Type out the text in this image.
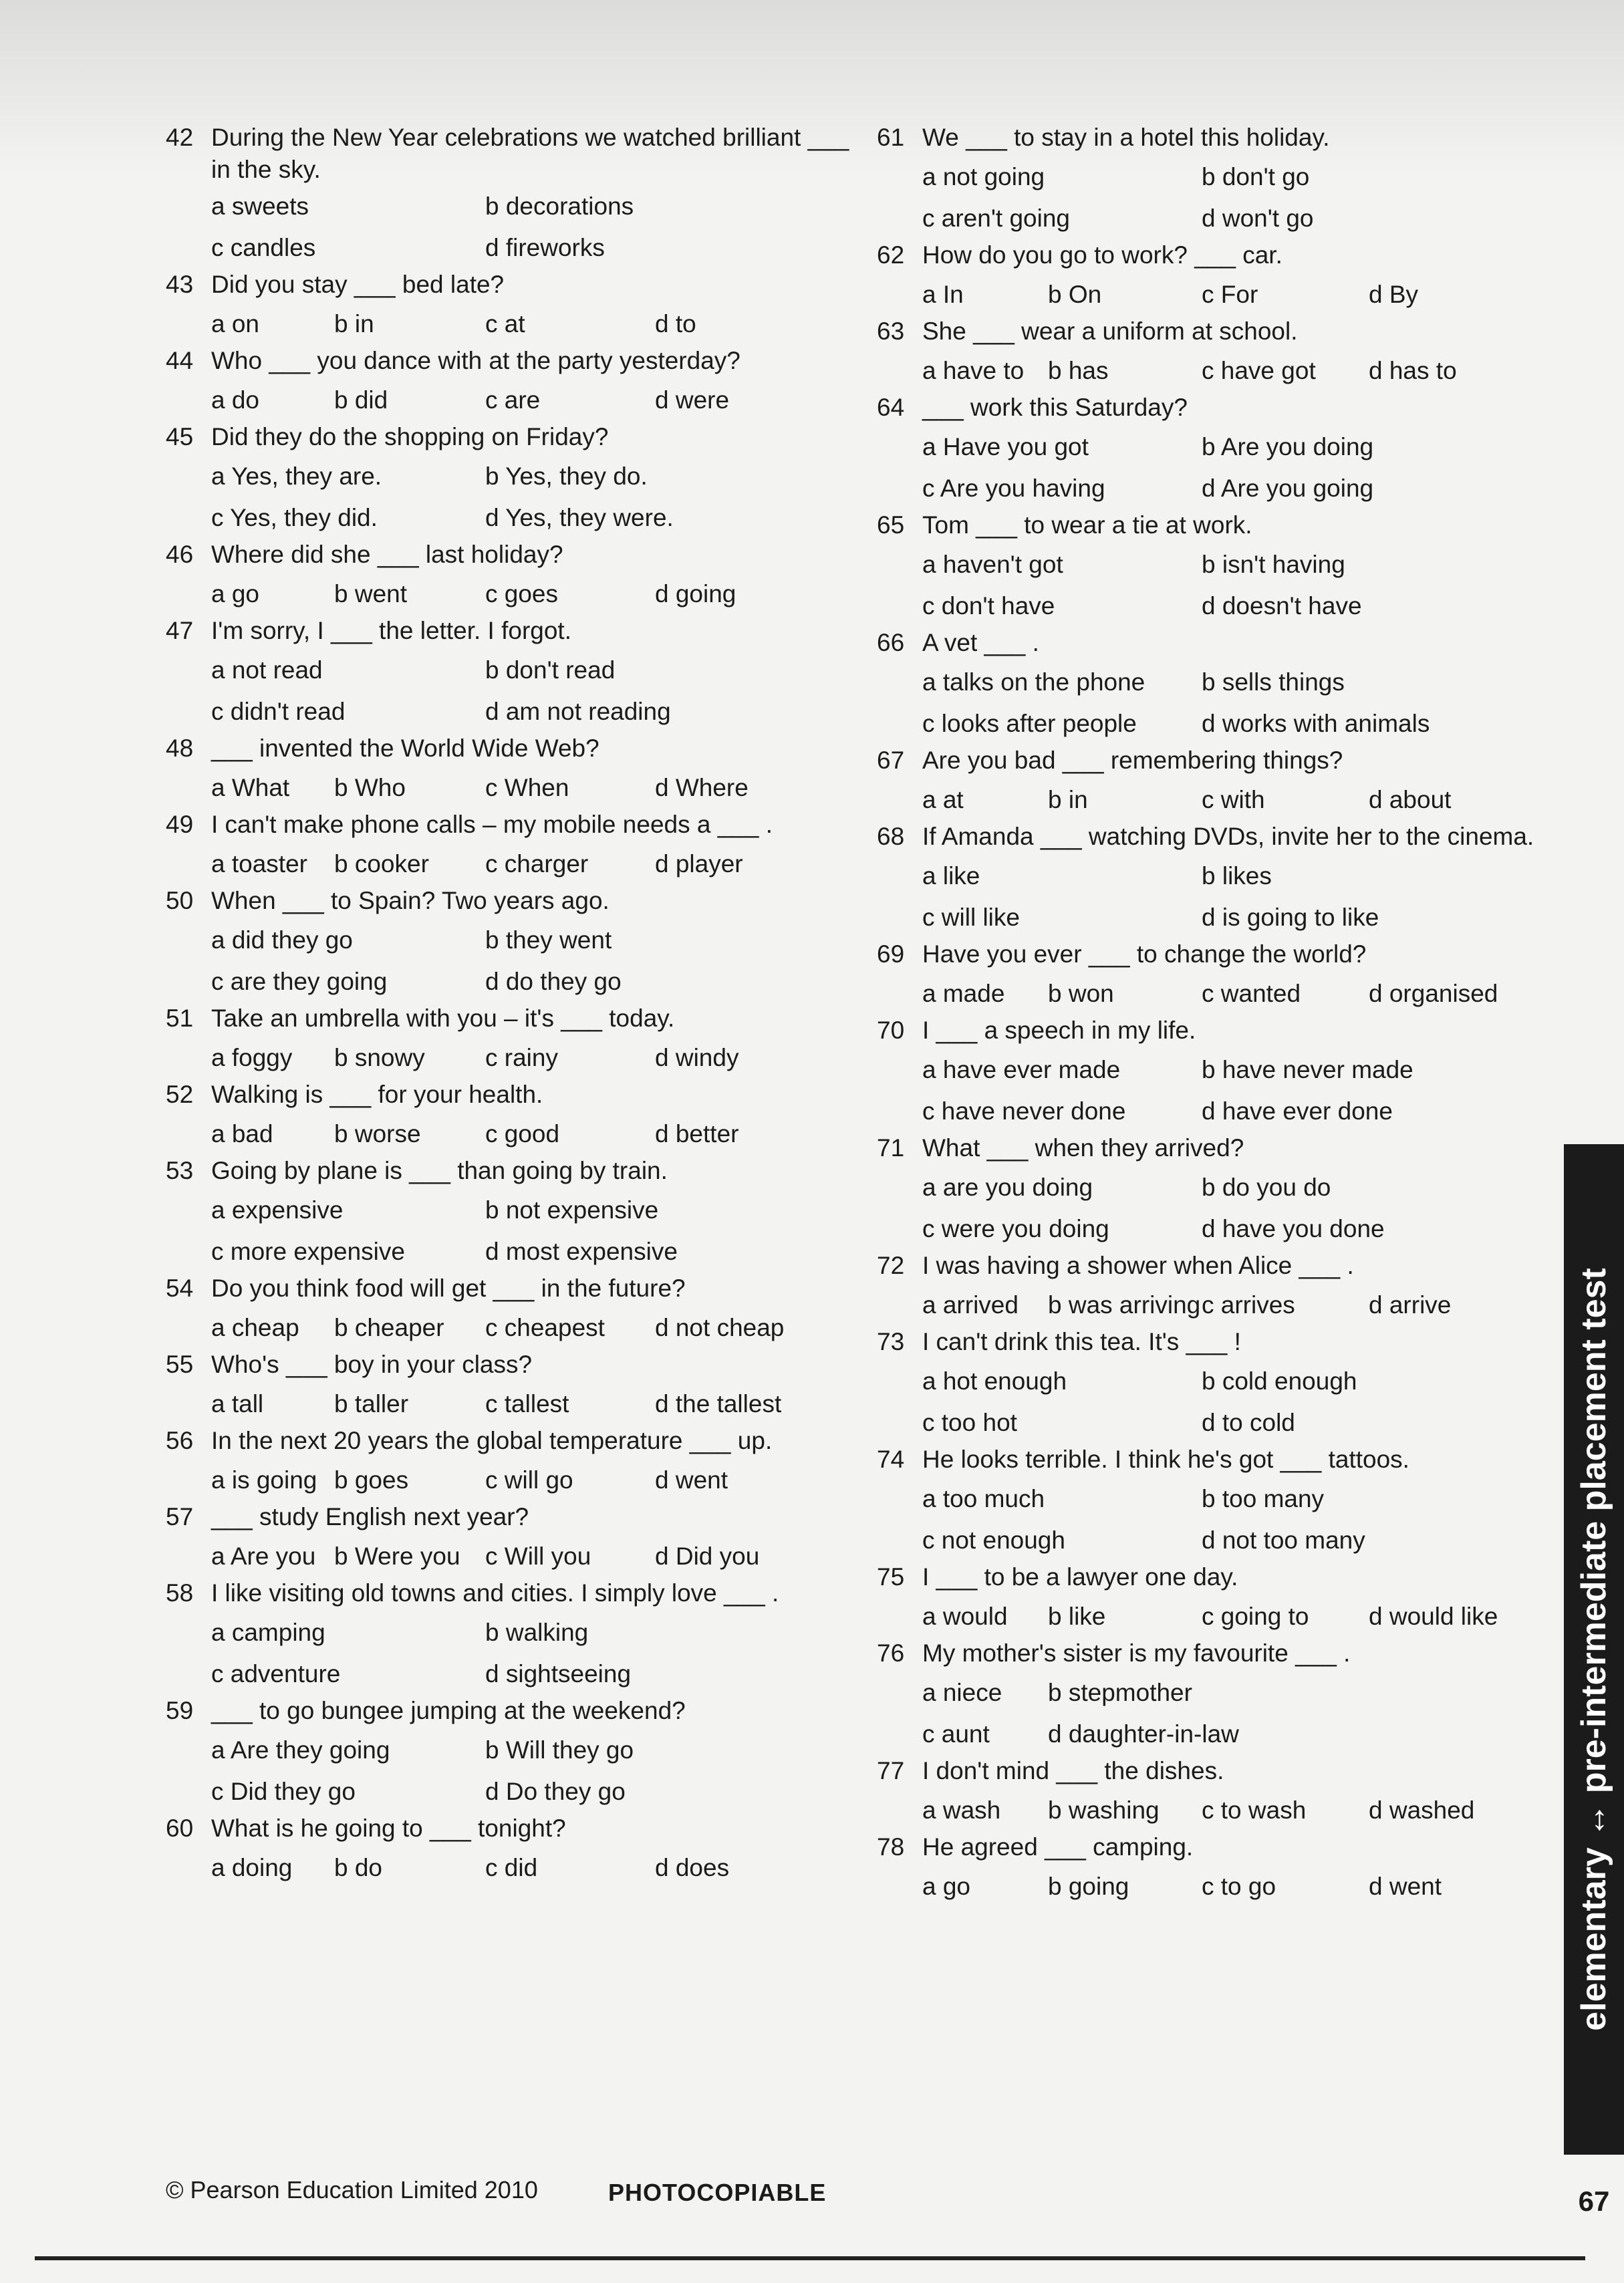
42 During the New Year celebrations we watched brilliant ___ in the sky.
a sweets	b decorations
c candles	d fireworks
43 Did you stay ___ bed late?
a on	b in	c at	d to
44 Who ___ you dance with at the party yesterday?
a do	b did	c are	d were
45 Did they do the shopping on Friday?
a Yes, they are.	b Yes, they do.
c Yes, they did.	d Yes, they were.
46 Where did she ___ last holiday?
a go	b went	c goes	d going
47 I'm sorry, I ___ the letter. I forgot.
a not read	b don't read
c didn't read	d am not reading
48 ___ invented the World Wide Web?
a What b Who	c When	d Where
49 I can't make phone calls – my mobile needs a ___ .
a toaster b cooker c charger	d player
50 When ___ to Spain? Two years ago.
a did they go	b they went
c are they going	d do they go
51 Take an umbrella with you – it's ___ today.
a foggy b snowy c rainy	d windy
52 Walking is ___ for your health.
a bad b worse	c good	d better
53 Going by plane is ___ than going by train.
a expensive	b not expensive
c more expensive	d most expensive
54 Do you think food will get ___ in the future?
a cheap b cheaper c cheapest d not cheap
55 Who's ___ boy in your class?
a tall	b taller	c tallest	d the tallest
56 In the next 20 years the global temperature ___ up.
a is going b goes	c will go	d went
57 ___ study English next year?
a Are you b Were you c Will you	d Did you
58 I like visiting old towns and cities. I simply love ___ .
a camping	b walking
c adventure	d sightseeing
59 ___ to go bungee jumping at the weekend?
a Are they going	b Will they go
c Did they go	d Do they go
60 What is he going to ___ tonight?
a doing b do	c did	d does
61 We ___ to stay in a hotel this holiday.
a not going	b don't go
c aren't going	d won't go
62 How do you go to work? ___ car.
a In	b On	c For	d By
63 She ___ wear a uniform at school.
a have to b has	c have got d has to
64 ___ work this Saturday?
a Have you got	b Are you doing
c Are you having	d Are you going
65 Tom ___ to wear a tie at work.
a haven't got	b isn't having
c don't have	d doesn't have
66 A vet ___ .
a talks on the phone b sells things
c looks after people	d works with animals
67 Are you bad ___ remembering things?
a at	b in	c with	d about
68 If Amanda ___ watching DVDs, invite her to the cinema.
a like	b likes
c will like	d is going to like
69 Have you ever ___ to change the world?
a made b won	c wanted	d organised
70 I ___ a speech in my life.
a have ever made	b have never made
c have never done	d have ever done
71 What ___ when they arrived?
a are you doing	b do you do
c were you doing	d have you done
72 I was having a shower when Alice ___ .
a arrived b was arriving c arrives	d arrive
73 I can't drink this tea. It's ___ !
a hot enough	b cold enough
c too hot	d to cold
74 He looks terrible. I think he's got ___ tattoos.
a too much	b too many
c not enough	d not too many
75 I ___ to be a lawyer one day.
a would b like	c going to d would like
76 My mother's sister is my favourite ___ .
a niece b stepmother
c aunt d daughter-in-law
77 I don't mind ___ the dishes.
a wash b washing c to wash	d washed
78 He agreed ___ camping.
a go	b going	c to go	d went
© Pearson Education Limited 2010	PHOTOCOPIABLE
elementary ↔ pre-intermediate placement test
67
